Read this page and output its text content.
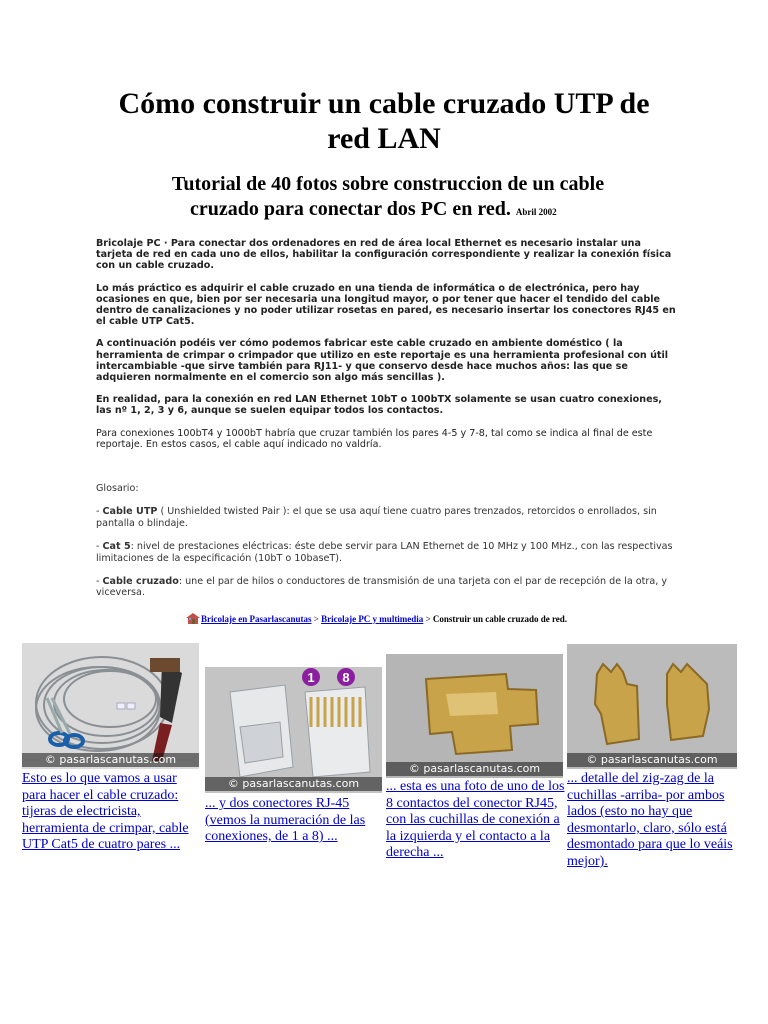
Cómo construir un cable cruzado UTP de red LAN
Tutorial de 40 fotos sobre construccion de un cable
cruzado para conectar dos PC en red. Abril 2002

Bricolaje PC · Para conectar dos ordenadores en red de área local Ethernet es necesario instalar una tarjeta de red en cada uno de ellos, habilitar la configuración correspondiente y realizar la conexión física con un cable cruzado.

Lo más práctico es adquirir el cable cruzado en una tienda de informática o de electrónica, pero hay ocasiones en que, bien por ser necesaria una longitud mayor, o por tener que hacer el tendido del cable dentro de canalizaciones y no poder utilizar rosetas en pared, es necesario insertar los conectores RJ45 en el cable UTP Cat5.

A continuación podéis ver cómo podemos fabricar este cable cruzado en ambiente doméstico ( la herramienta de crimpar o crimpador que utilizo en este reportaje es una herramienta profesional con útil intercambiable -que sirve también para RJ11- y que conservo desde hace muchos años: las que se adquieren normalmente en el comercio son algo más sencillas ).

En realidad, para la conexión en red LAN Ethernet 10bT o 100bTX solamente se usan cuatro conexiones, las nº 1, 2, 3 y 6, aunque se suelen equipar todos los contactos.

Para conexiones 100bT4 y 1000bT habría que cruzar también los pares 4-5 y 7-8, tal como se indica al final de este reportaje. En estos casos, el cable aquí indicado no valdría.

Glosario:

- Cable UTP ( Unshielded twisted Pair ): el que se usa aquí tiene cuatro pares trenzados, retorcidos o enrollados, sin pantalla o blindaje.

- Cat 5: nivel de prestaciones eléctricas: éste debe servir para LAN Ethernet de 10 MHz y 100 MHz., con las respectivas limitaciones de la especificación (10bT o 10baseT).

- Cable cruzado: une el par de hilos o conductores de transmisión de una tarjeta con el par de recepción de la otra, y viceversa.

Bricolaje en Pasarlascanutas > Bricolaje PC y multimedia > Construir un cable cruzado de red.
© pasarlascanutas.com
Esto es lo que vamos a usar para hacer el cable cruzado: tijeras de electricista, herramienta de crimpar, cable UTP Cat5 de cuatro pares ...
1 8
© pasarlascanutas.com
... y dos conectores RJ-45 (vemos la numeración de las conexiones, de 1 a 8) ...
© pasarlascanutas.com
... esta es una foto de uno de los 8 contactos del conector RJ45, con las cuchillas de conexión a la izquierda y el contacto a la derecha ...
© pasarlascanutas.com
... detalle del zig-zag de la cuchillas -arriba- por ambos lados (esto no hay que desmontarlo, claro, sólo está desmontado para que lo veáis mejor).
